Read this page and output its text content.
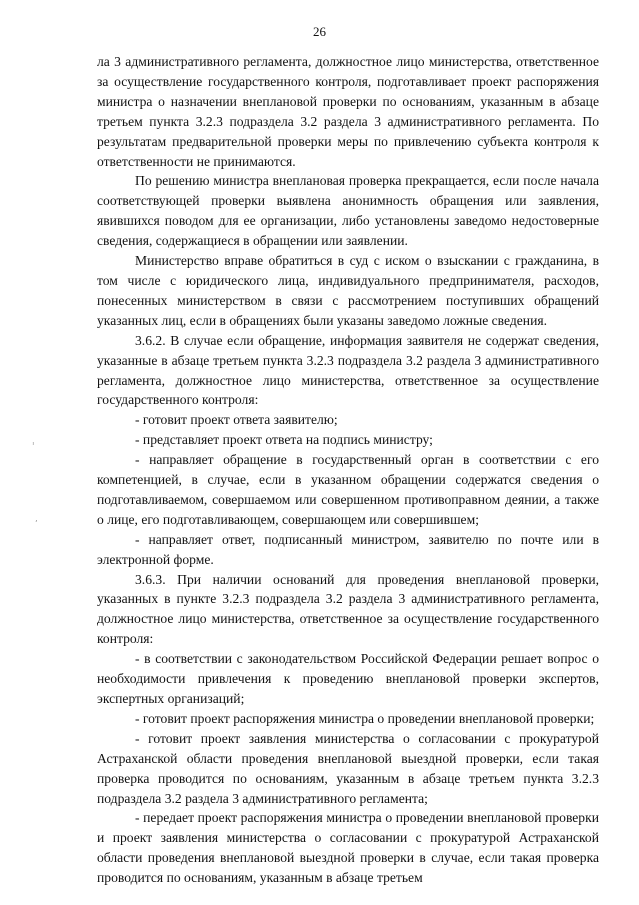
26
ⸯ
ʼ

ла 3 административного регламента, должностное лицо министерства, ответственное за осуществление государственного контроля, подготавливает проект распоряжения министра о назначении внеплановой проверки по основаниям, указанным в абзаце третьем пункта 3.2.3 подраздела 3.2 раздела 3 административного регламента. По результатам предварительной проверки меры по привлечению субъекта контроля к ответственности не принимаются.

По решению министра внеплановая проверка прекращается, если после начала соответствующей проверки выявлена анонимность обращения или заявления, явившихся поводом для ее организации, либо установлены заведомо недостоверные сведения, содержащиеся в обращении или заявлении.

Министерство вправе обратиться в суд с иском о взыскании с гражданина, в том числе с юридического лица, индивидуального предпринимателя, расходов, понесенных министерством в связи с рассмотрением поступивших обращений указанных лиц, если в обращениях были указаны заведомо ложные сведения.

3.6.2. В случае если обращение, информация заявителя не содержат сведения, указанные в абзаце третьем пункта 3.2.3 подраздела 3.2 раздела 3 административного регламента, должностное лицо министерства, ответственное за осуществление государственного контроля:

- готовит проект ответа заявителю;

- представляет проект ответа на подпись министру;

- направляет обращение в государственный орган в соответствии с его компетенцией, в случае, если в указанном обращении содержатся сведения о подготавливаемом, совершаемом или совершенном противоправном деянии, а также о лице, его подготавливающем, совершающем или совершившем;

- направляет ответ, подписанный министром, заявителю по почте или в электронной форме.

3.6.3. При наличии оснований для проведения внеплановой проверки, указанных в пункте 3.2.3 подраздела 3.2 раздела 3 административного регламента, должностное лицо министерства, ответственное за осуществление государственного контроля:

- в соответствии с законодательством Российской Федерации решает вопрос о необходимости привлечения к проведению внеплановой проверки экспертов, экспертных организаций;

- готовит проект распоряжения министра о проведении внеплановой проверки;

- готовит проект заявления министерства о согласовании с прокуратурой Астраханской области проведения внеплановой выездной проверки, если такая проверка проводится по основаниям, указанным в абзаце третьем пункта 3.2.3 подраздела 3.2 раздела 3 административного регламента;

- передает проект распоряжения министра о проведении внеплановой проверки и проект заявления министерства о согласовании с прокуратурой Астраханской области проведения внеплановой выездной проверки в случае, если такая проверка проводится по основаниям, указанным в абзаце третьем
